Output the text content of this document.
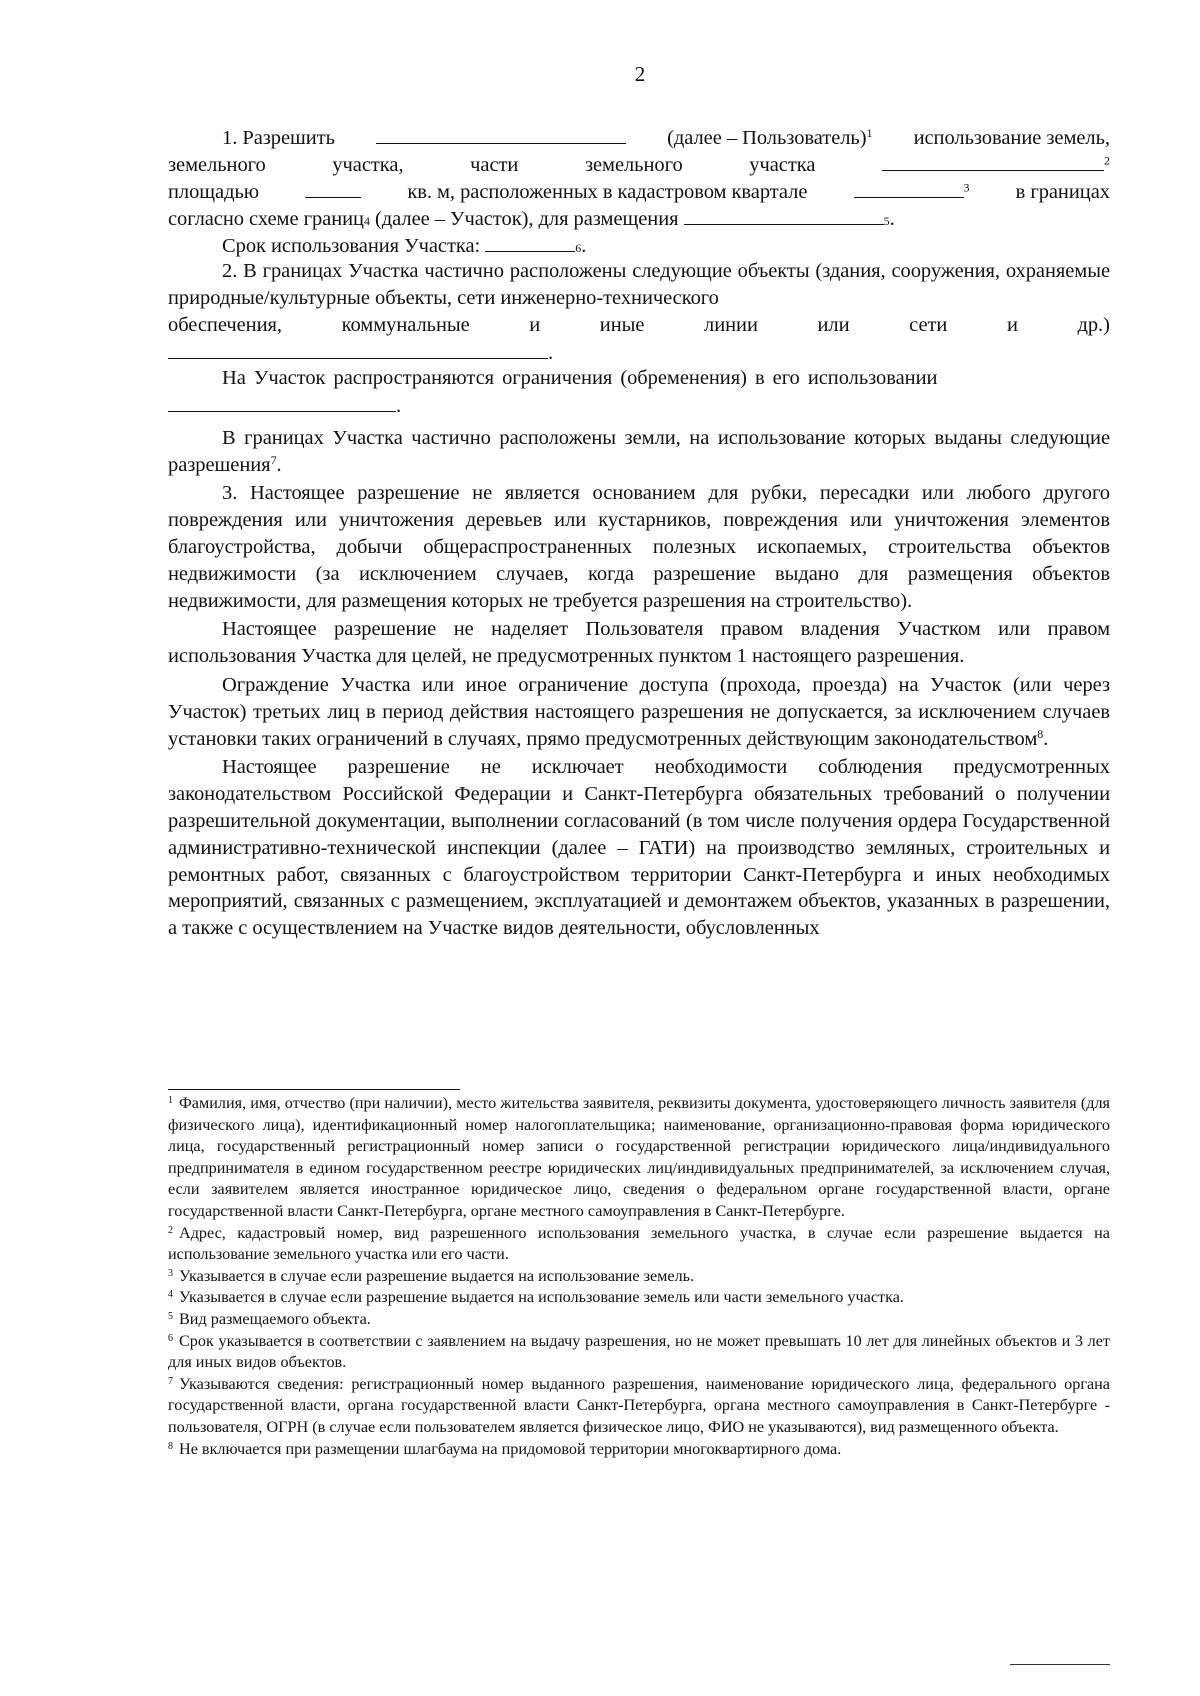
2
1. Разрешить	(далее – Пользователь)$^1$ использование земель,
земельного	участка,	части	земельного	участка	$^2$
площадью	кв. м, расположенных в кадастровом квартале	$^3$ в границах
согласно схеме границ 4
(далее – Участок), для размещения
	5 .
Срок использования Участка:
	6 .

2. В границах Участка частично расположены следующие объекты (здания, сооружения, охраняемые природные/культурные объекты, сети инженерно-технического

обеспечения,	коммунальные	и	иные	линии	или	сети	и	др.)
.
На Участок распространяются ограничения (обременения) в его использовании
.

В границах Участка частично расположены земли, на использование которых выданы следующие разрешения$^7$.

3. Настоящее разрешение не является основанием для рубки, пересадки или любого другого повреждения или уничтожения деревьев или кустарников, повреждения или уничтожения элементов благоустройства, добычи общераспространенных полезных ископаемых, строительства объектов недвижимости (за исключением случаев, когда разрешение выдано для размещения объектов недвижимости, для размещения которых не требуется разрешения на строительство).

Настоящее разрешение не наделяет Пользователя правом владения Участком или правом использования Участка для целей, не предусмотренных пунктом 1 настоящего разрешения.

Ограждение Участка или иное ограничение доступа (прохода, проезда) на Участок (или через Участок) третьих лиц в период действия настоящего разрешения не допускается, за исключением случаев установки таких ограничений в случаях, прямо предусмотренных действующим законодательством$^8$.

Настоящее разрешение не исключает необходимости соблюдения предусмотренных законодательством Российской Федерации и Санкт-Петербурга обязательных требований о получении разрешительной документации, выполнении согласований (в том числе получения ордера Государственной административно-технической инспекции (далее – ГАТИ) на производство земляных, строительных и ремонтных работ, связанных с благоустройством территории Санкт-Петербурга и иных необходимых мероприятий, связанных с размещением, эксплуатацией и демонтажем объектов, указанных в разрешении, а также с осуществлением на Участке видов деятельности, обусловленных

$^1$ Фамилия, имя, отчество (при наличии), место жительства заявителя, реквизиты документа, удостоверяющего личность заявителя (для физического лица), идентификационный номер налогоплательщика; наименование, организационно-правовая форма юридического лица, государственный регистрационный номер записи о государственной регистрации юридического лица/индивидуального предпринимателя в едином государственном реестре юридических лиц/индивидуальных предпринимателей, за исключением случая, если заявителем является иностранное юридическое лицо, сведения о федеральном органе государственной власти, органе государственной власти Санкт-Петербурга, органе местного самоуправления в Санкт-Петербурге.

$^2$ Адрес, кадастровый номер, вид разрешенного использования земельного участка, в случае если разрешение выдается на использование земельного участка или его части.

$^3$ Указывается в случае если разрешение выдается на использование земель.

$^4$ Указывается в случае если разрешение выдается на использование земель или части земельного участка.

$^5$ Вид размещаемого объекта.

$^6$ Срок указывается в соответствии с заявлением на выдачу разрешения, но не может превышать 10 лет для линейных объектов и 3 лет для иных видов объектов.

$^7$ Указываются сведения: регистрационный номер выданного разрешения, наименование юридического лица, федерального органа государственной власти, органа государственной власти Санкт-Петербурга, органа местного самоуправления в Санкт-Петербурге - пользователя, ОГРН (в случае если пользователем является физическое лицо, ФИО не указываются), вид размещенного объекта.

$^8$ Не включается при размещении шлагбаума на придомовой территории многоквартирного дома.
